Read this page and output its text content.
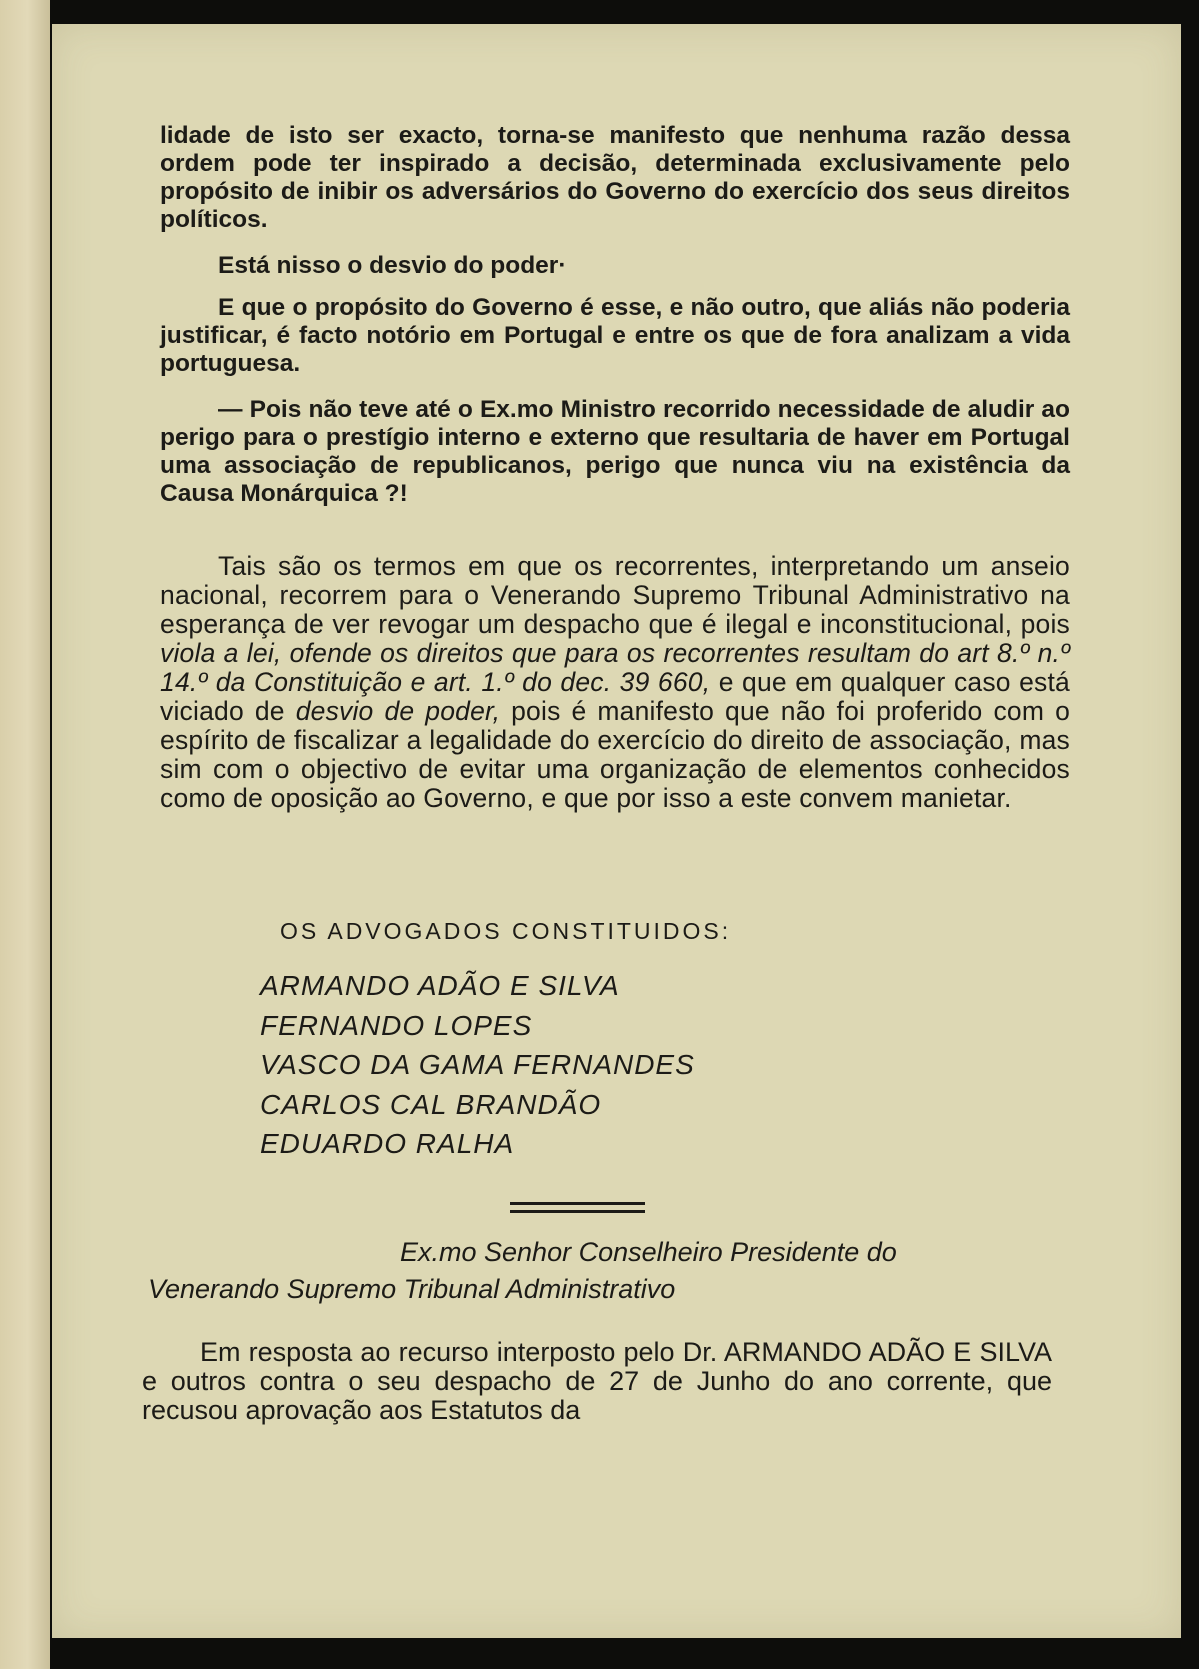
lidade de isto ser exacto, torna-se manifesto que nenhuma razão dessa ordem pode ter inspirado a decisão, determinada exclusivamente pelo propósito de inibir os adversários do Governo do exercício dos seus direitos políticos.

Está nisso o desvio do poder·

E que o propósito do Governo é esse, e não outro, que aliás não poderia justificar, é facto notório em Portugal e entre os que de fora analizam a vida portuguesa.

— Pois não teve até o Ex.mo Ministro recorrido necessidade de aludir ao perigo para o prestígio interno e externo que resultaria de haver em Portugal uma associação de republicanos, perigo que nunca viu na existência da Causa Monárquica ?!

Tais são os termos em que os recorrentes, interpretando um anseio nacional, recorrem para o Venerando Supremo Tribunal Administrativo na esperança de ver revogar um despacho que é ilegal e inconstitucional, pois viola a lei, ofende os direitos que para os recorrentes resultam do art 8.º n.º 14.º da Constituição e art. 1.º do dec. 39 660, e que em qualquer caso está viciado de desvio de poder, pois é manifesto que não foi proferido com o espírito de fiscalizar a legalidade do exercício do direito de associação, mas sim com o objectivo de evitar uma organização de elementos conhecidos como de oposição ao Governo, e que por isso a este convem manietar.

OS ADVOGADOS CONSTITUIDOS:

ARMANDO ADÃO E SILVA
FERNANDO LOPES
VASCO DA GAMA FERNANDES
CARLOS CAL BRANDÃO
EDUARDO RALHA

Ex.mo Senhor Conselheiro Presidente do
Venerando Supremo Tribunal Administrativo

Em resposta ao recurso interposto pelo Dr. ARMANDO ADÃO E SILVA e outros contra o seu despacho de 27 de Junho do ano corrente, que recusou aprovação aos Estatutos da
